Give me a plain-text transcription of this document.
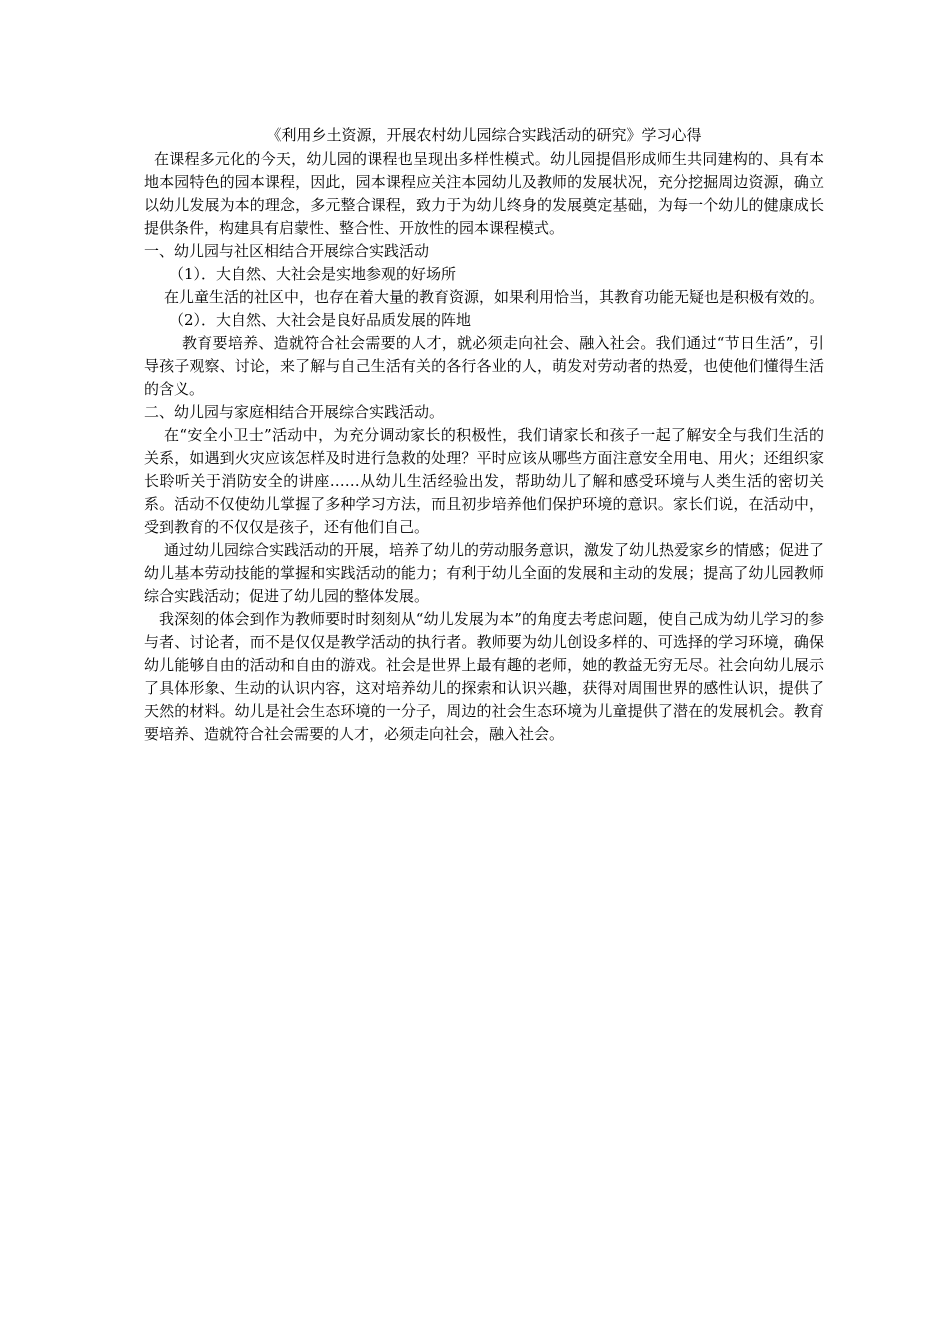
《利用乡土资源，开展农村幼儿园综合实践活动的研究》学习心得

在课程多元化的今天，幼儿园的课程也呈现出多样性模式。幼儿园提倡形成师生共同建构的、具有本地本园特色的园本课程，因此，园本课程应关注本园幼儿及教师的发展状况，充分挖掘周边资源，确立以幼儿发展为本的理念，多元整合课程，致力于为幼儿终身的发展奠定基础，为每一个幼儿的健康成长提供条件，构建具有启蒙性、整合性、开放性的园本课程模式。

一、幼儿园与社区相结合开展综合实践活动

（1）．大自然、大社会是实地参观的好场所

在儿童生活的社区中，也存在着大量的教育资源，如果利用恰当，其教育功能无疑也是积极有效的。

（2）．大自然、大社会是良好品质发展的阵地

教育要培养、造就符合社会需要的人才，就必须走向社会、融入社会。我们通过“节日生活”，引导孩子观察、讨论，来了解与自己生活有关的各行各业的人，萌发对劳动者的热爱，也使他们懂得生活的含义。

二、幼儿园与家庭相结合开展综合实践活动。

在“安全小卫士”活动中，为充分调动家长的积极性，我们请家长和孩子一起了解安全与我们生活的关系，如遇到火灾应该怎样及时进行急救的处理？平时应该从哪些方面注意安全用电、用火；还组织家长聆听关于消防安全的讲座……从幼儿生活经验出发，帮助幼儿了解和感受环境与人类生活的密切关系。活动不仅使幼儿掌握了多种学习方法，而且初步培养他们保护环境的意识。家长们说，在活动中，受到教育的不仅仅是孩子，还有他们自己。

通过幼儿园综合实践活动的开展，培养了幼儿的劳动服务意识，激发了幼儿热爱家乡的情感；促进了幼儿基本劳动技能的掌握和实践活动的能力；有利于幼儿全面的发展和主动的发展；提高了幼儿园教师综合实践活动；促进了幼儿园的整体发展。

我深刻的体会到作为教师要时时刻刻从“幼儿发展为本”的角度去考虑问题，使自己成为幼儿学习的参与者、讨论者，而不是仅仅是教学活动的执行者。教师要为幼儿创设多样的、可选择的学习环境，确保幼儿能够自由的活动和自由的游戏。社会是世界上最有趣的老师，她的教益无穷无尽。社会向幼儿展示了具体形象、生动的认识内容，这对培养幼儿的探索和认识兴趣，获得对周围世界的感性认识，提供了天然的材料。幼儿是社会生态环境的一分子，周边的社会生态环境为儿童提供了潜在的发展机会。教育要培养、造就符合社会需要的人才，必须走向社会，融入社会。
